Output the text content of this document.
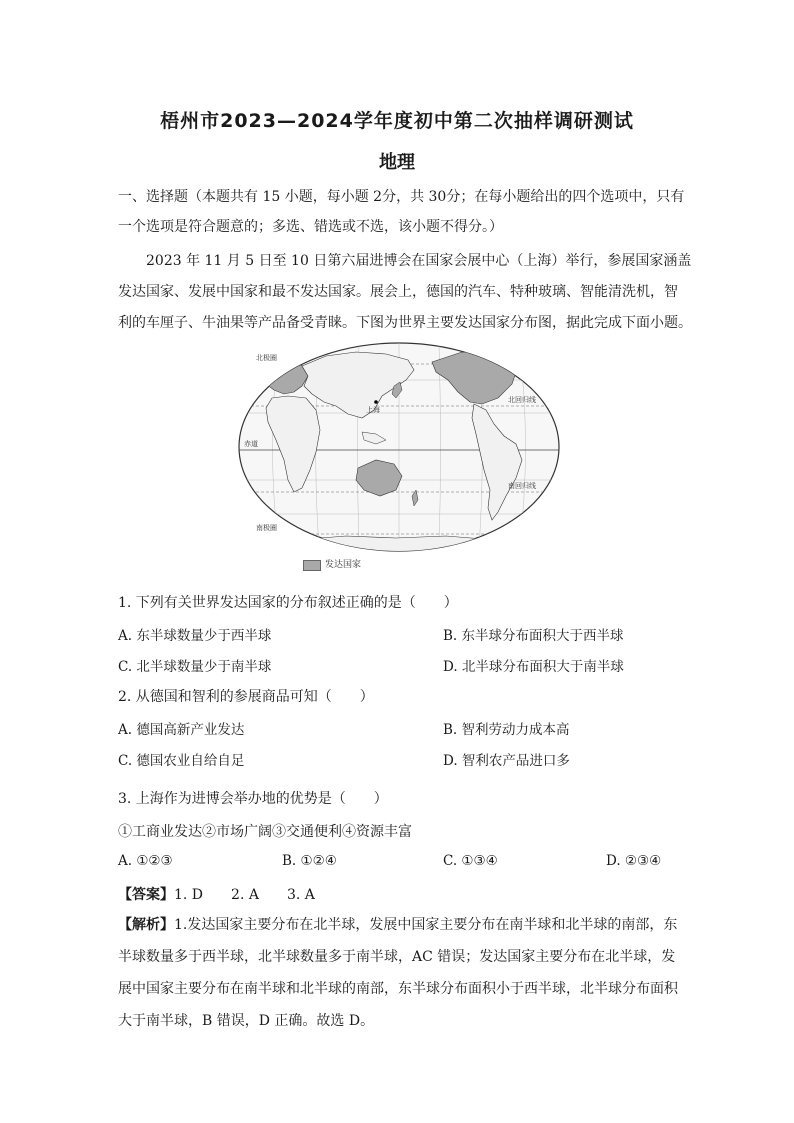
梧州市2023—2024学年度初中第二次抽样调研测试
地理
一、选择题（本题共有 15 小题，每小题 2分，共 30分；在每小题给出的四个选项中，只有
一个选项是符合题意的；多选、错选或不选，该小题不得分。）
2023 年 11 月 5 日至 10 日第六届进博会在国家会展中心（上海）举行，参展国家涵盖
发达国家、发展中国家和最不发达国家。展会上，德国的汽车、特种玻璃、智能清洗机，智
利的车厘子、牛油果等产品备受青睐。下图为世界主要发达国家分布图，据此完成下面小题。
赤道
北回归线
南回归线
南极圈
北极圈
上海
发达国家
1. 下列有关世界发达国家的分布叙述正确的是（　　）
A. 东半球数量少于西半球	B. 东半球分布面积大于西半球
C. 北半球数量少于南半球	D. 北半球分布面积大于南半球
2. 从德国和智利的参展商品可知（　　）
A. 德国高新产业发达	B. 智利劳动力成本高
C. 德国农业自给自足	D. 智利农产品进口多
3. 上海作为进博会举办地的优势是（　　）
①工商业发达②市场广阔③交通便利④资源丰富
A. ①②③	B. ①②④	C. ①③④	D. ②③④
【答案】1. D　　2. A　　3. A
【解析】1.发达国家主要分布在北半球，发展中国家主要分布在南半球和北半球的南部，东
半球数量多于西半球，北半球数量多于南半球，AC 错误；发达国家主要分布在北半球，发
展中国家主要分布在南半球和北半球的南部，东半球分布面积小于西半球，北半球分布面积
大于南半球，B 错误，D 正确。故选 D。
